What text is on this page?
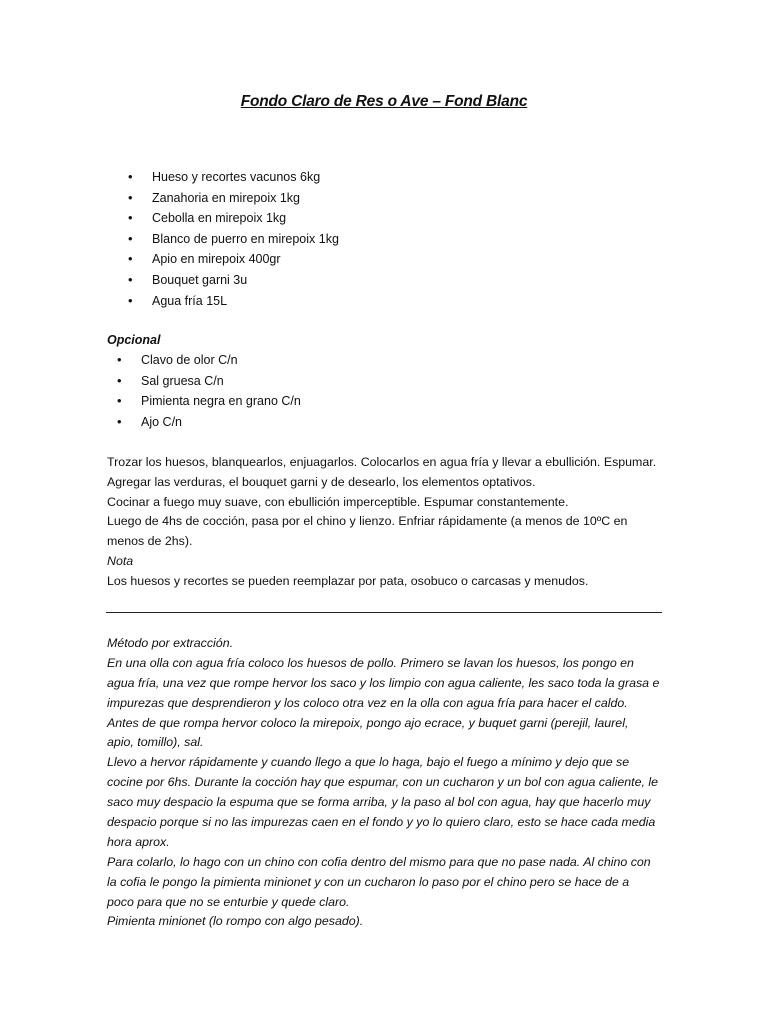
Fondo Claro de Res o Ave – Fond Blanc
• Hueso y recortes vacunos 6kg
• Zanahoria en mirepoix 1kg
• Cebolla en mirepoix 1kg
• Blanco de puerro en mirepoix 1kg
• Apio en mirepoix 400gr
• Bouquet garni 3u
• Agua fría 15L
Opcional
• Clavo de olor C/n
• Sal gruesa C/n
• Pimienta negra en grano C/n
• Ajo C/n
Trozar los huesos, blanquearlos, enjuagarlos. Colocarlos en agua fría y llevar a ebullición. Espumar.
Agregar las verduras, el bouquet garni y de desearlo, los elementos optativos.
Cocinar a fuego muy suave, con ebullición imperceptible. Espumar constantemente.
Luego de 4hs de cocción, pasa por el chino y lienzo. Enfriar rápidamente (a menos de 10ºC en
menos de 2hs).
Nota
Los huesos y recortes se pueden reemplazar por pata, osobuco o carcasas y menudos.
Método por extracción.
En una olla con agua fría coloco los huesos de pollo. Primero se lavan los huesos, los pongo en
agua fría, una vez que rompe hervor los saco y los limpio con agua caliente, les saco toda la grasa e
impurezas que desprendieron y los coloco otra vez en la olla con agua fría para hacer el caldo.
Antes de que rompa hervor coloco la mirepoix, pongo ajo ecrace, y buquet garni (perejil, laurel,
apio, tomillo), sal.
Llevo a hervor rápidamente y cuando llego a que lo haga, bajo el fuego a mínimo y dejo que se
cocine por 6hs. Durante la cocción hay que espumar, con un cucharon y un bol con agua caliente, le
saco muy despacio la espuma que se forma arriba, y la paso al bol con agua, hay que hacerlo muy
despacio porque si no las impurezas caen en el fondo y yo lo quiero claro, esto se hace cada media
hora aprox.
Para colarlo, lo hago con un chino con cofia dentro del mismo para que no pase nada. Al chino con
la cofia le pongo la pimienta minionet y con un cucharon lo paso por el chino pero se hace de a
poco para que no se enturbie y quede claro.
Pimienta minionet (lo rompo con algo pesado).
